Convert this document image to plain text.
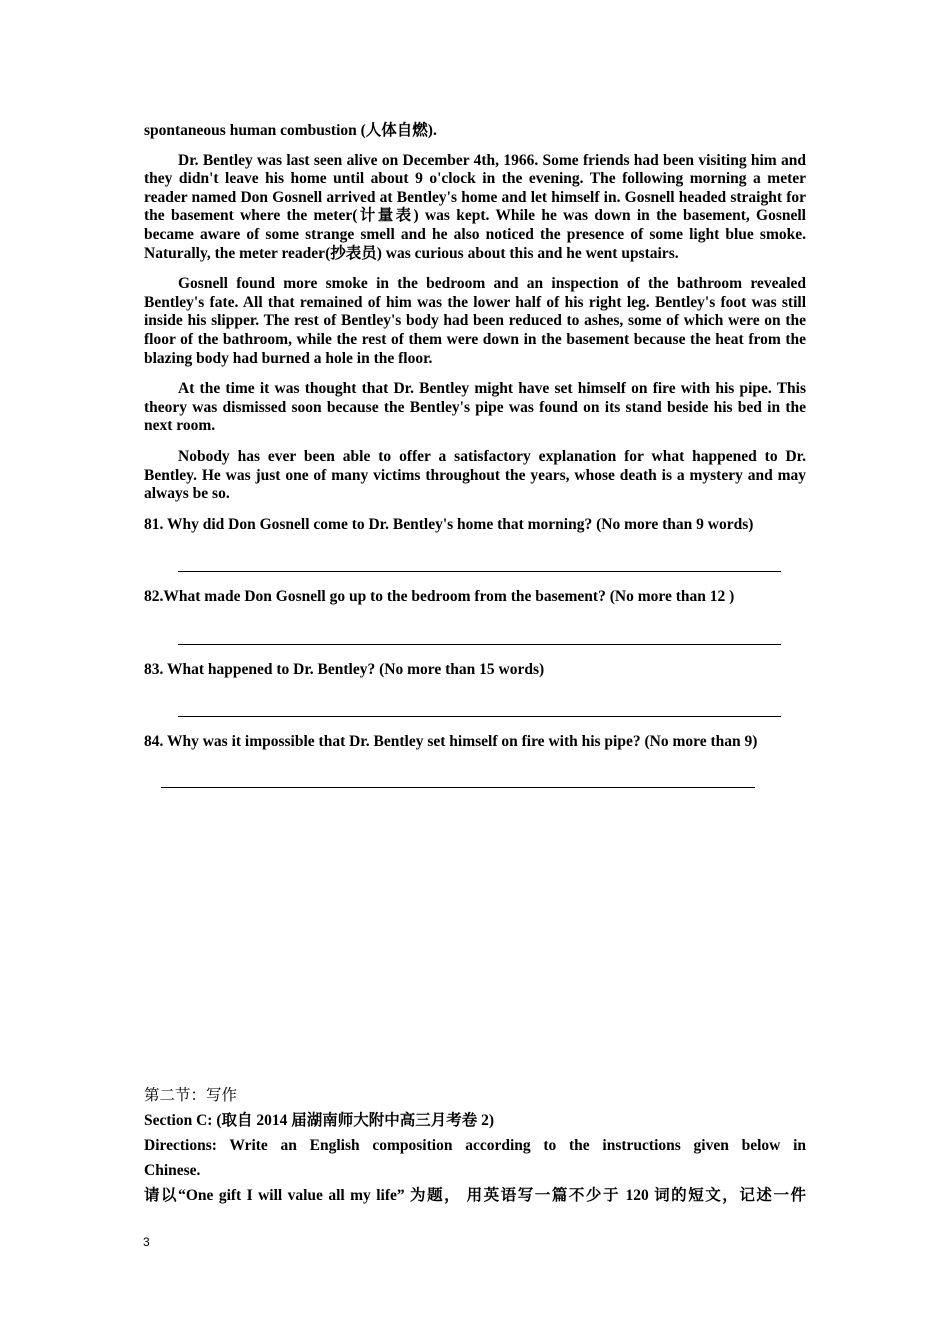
spontaneous human combustion (人体自燃).

Dr. Bentley was last seen alive on December 4th, 1966. Some friends had been visiting him and they didn't leave his home until about 9 o'clock in the evening. The following morning a meter reader named Don Gosnell arrived at Bentley's home and let himself in. Gosnell headed straight for the basement where the meter(计量表) was kept. While he was down in the basement, Gosnell became aware of some strange smell and he also noticed the presence of some light blue smoke. Naturally, the meter reader(抄表员) was curious about this and he went upstairs.

Gosnell found more smoke in the bedroom and an inspection of the bathroom revealed Bentley's fate. All that remained of him was the lower half of his right leg. Bentley's foot was still inside his slipper. The rest of Bentley's body had been reduced to ashes, some of which were on the floor of the bathroom, while the rest of them were down in the basement because the heat from the blazing body had burned a hole in the floor.

At the time it was thought that Dr. Bentley might have set himself on fire with his pipe. This theory was dismissed soon because the Bentley's pipe was found on its stand beside his bed in the next room.

Nobody has ever been able to offer a satisfactory explanation for what happened to Dr. Bentley. He was just one of many victims throughout the years, whose death is a mystery and may always be so.

81. Why did Don Gosnell come to Dr. Bentley's home that morning? (No more than 9 words)

82.What made Don Gosnell go up to the bedroom from the basement? (No more than 12 )

83. What happened to Dr. Bentley? (No more than 15 words)

84. Why was it impossible that Dr. Bentley set himself on fire with his pipe? (No more than 9)

第二节：写作
Section C: (取自 2014 届湖南师大附中高三月考卷 2)
Directions: Write an English composition according to the instructions given below in
Chinese.
请以“One gift I will value all my life” 为题， 用英语写一篇不少于 120 词的短文，记述一件
3
